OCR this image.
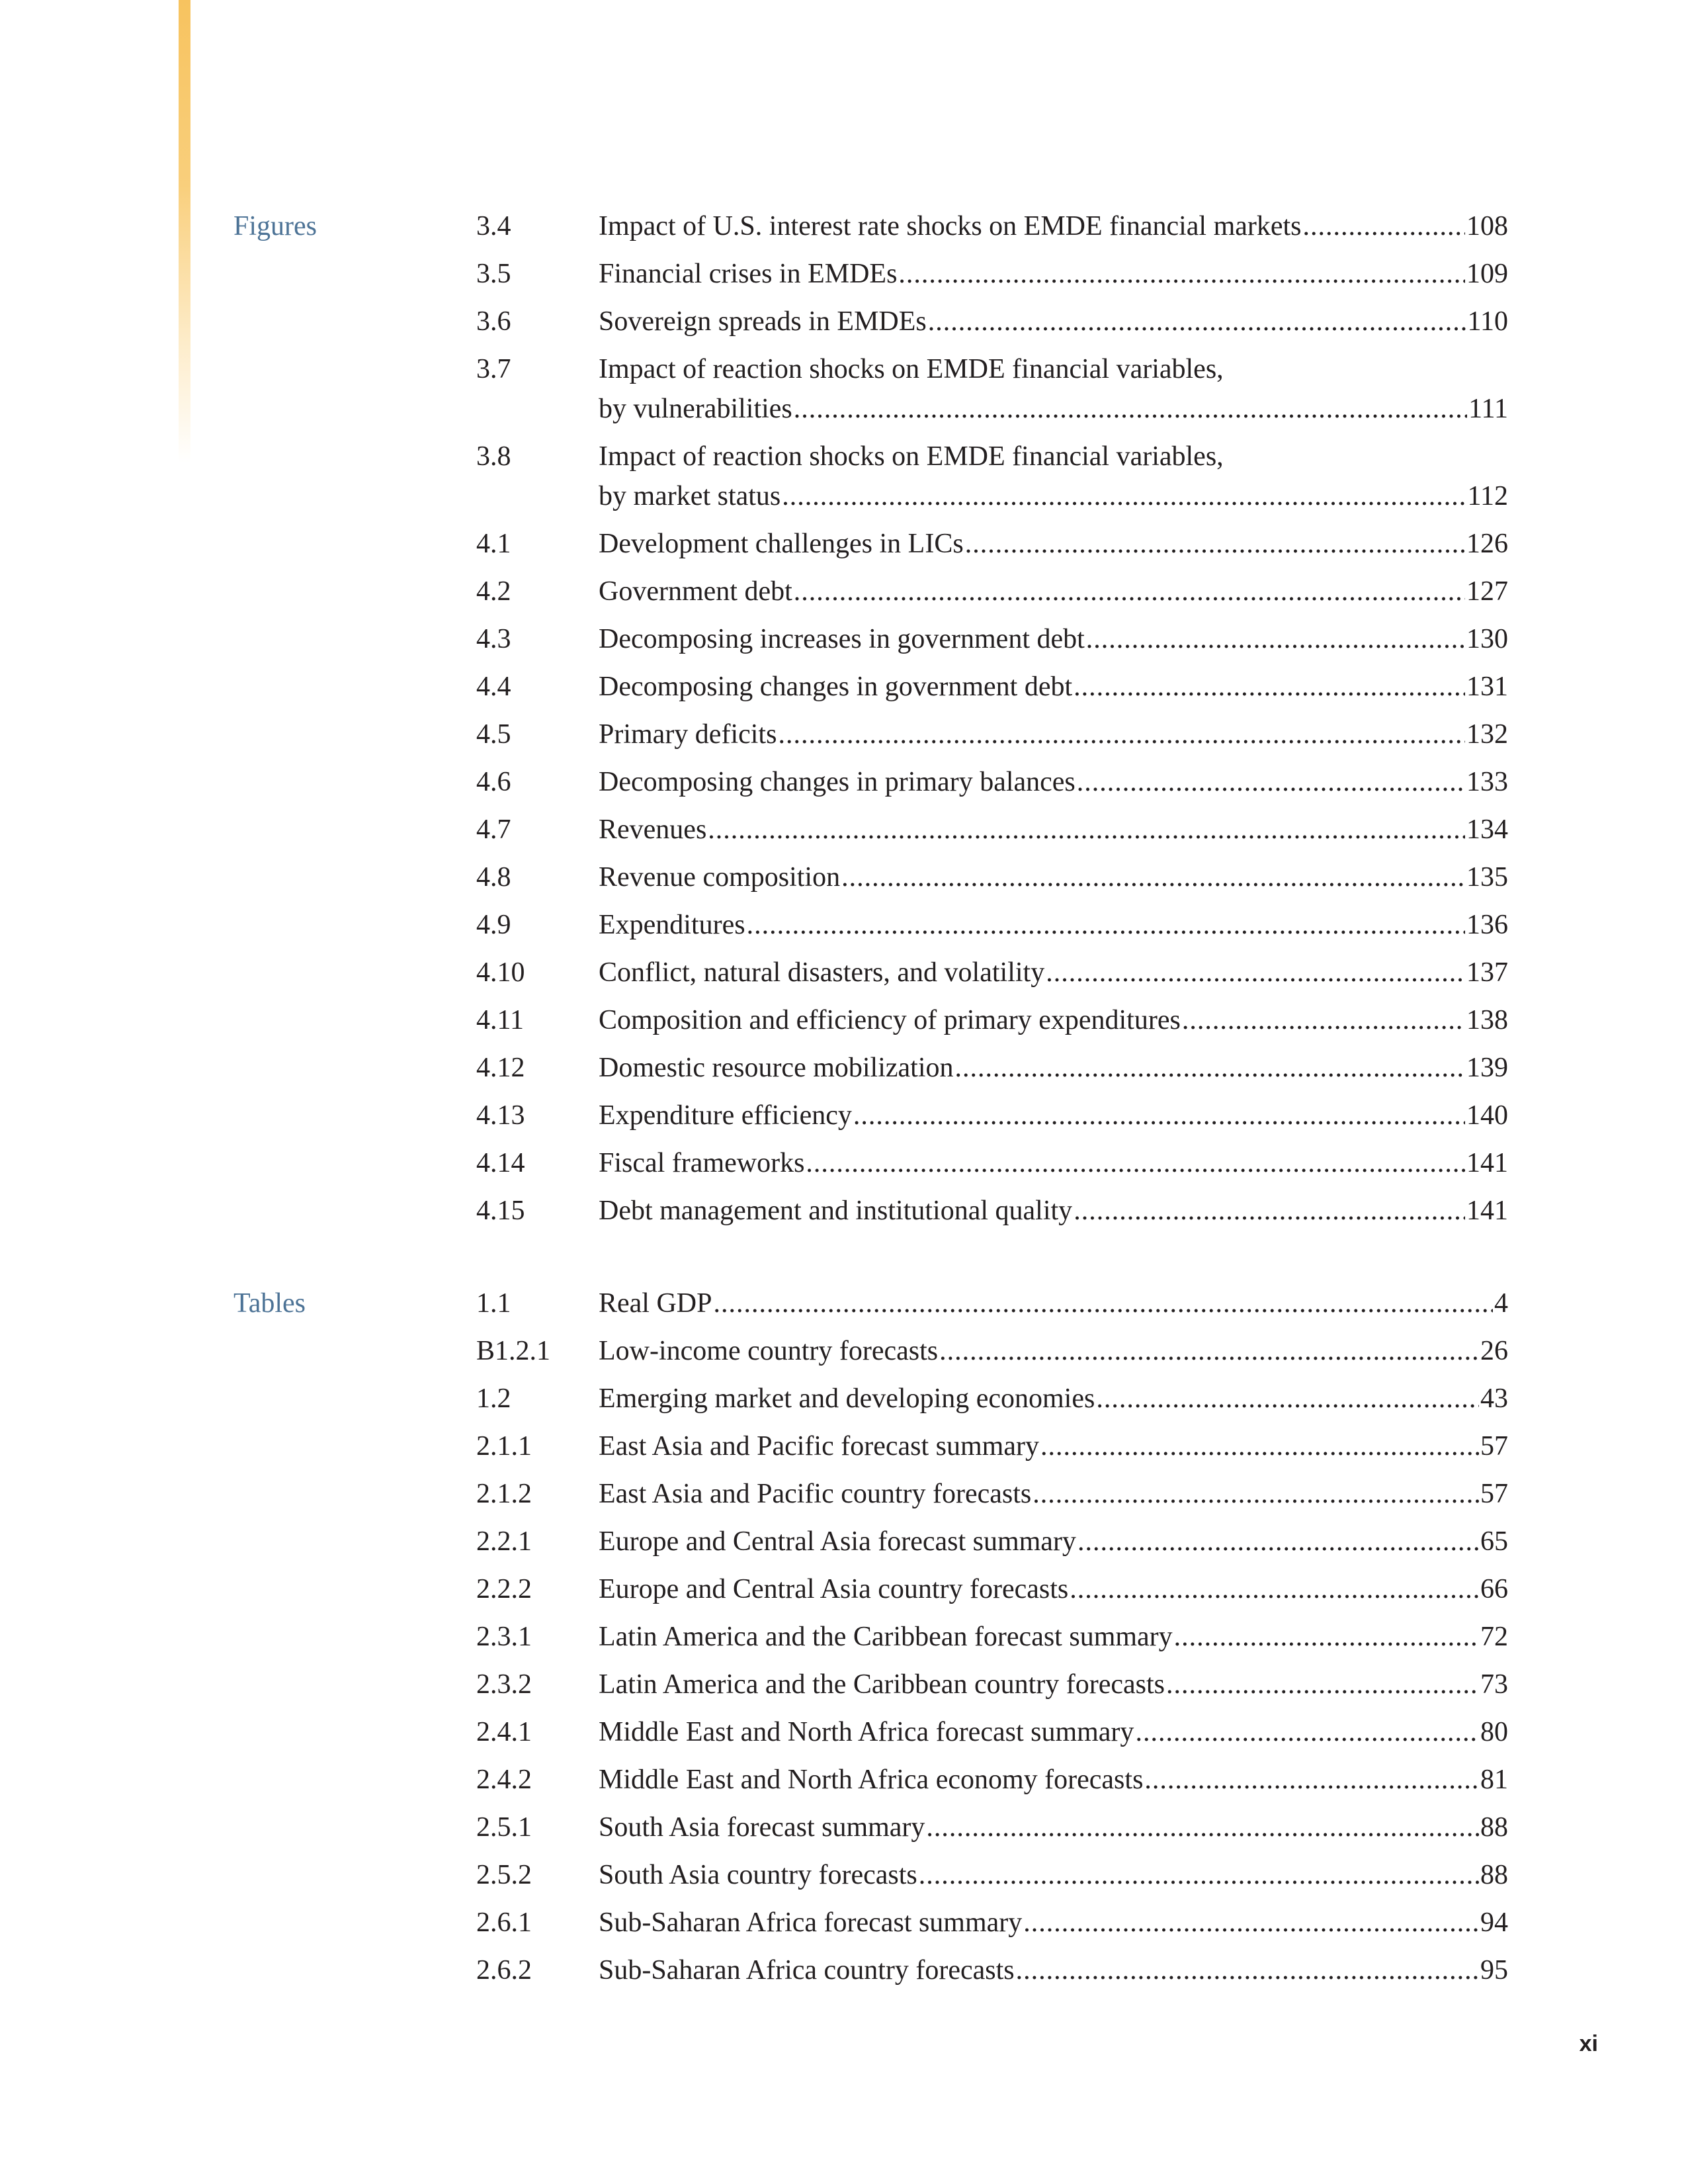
Figures	3.4	Impact of U.S. interest rate shocks on EMDE financial markets .....	108
3.5	Financial crises in EMDEs .....	109
3.6	Sovereign spreads in EMDEs .....	110
3.7	Impact of reaction shocks on EMDE financial variables,
by vulnerabilities .....	111
3.8	Impact of reaction shocks on EMDE financial variables,
by market status .....	112
4.1	Development challenges in LICs .....	126
4.2	Government debt .....	127
4.3	Decomposing increases in government debt .....	130
4.4	Decomposing changes in government debt .....	131
4.5	Primary deficits .....	132
4.6	Decomposing changes in primary balances .....	133
4.7	Revenues .....	134
4.8	Revenue composition .....	135
4.9	Expenditures .....	136
4.10	Conflict, natural disasters, and volatility .....	137
4.11	Composition and efficiency of primary expenditures .....	138
4.12	Domestic resource mobilization .....	139
4.13	Expenditure efficiency .....	140
4.14	Fiscal frameworks .....	141
4.15	Debt management and institutional quality .....	141
Tables	1.1	Real GDP .....	4
B1.2.1 Low-income country forecasts .....	26
1.2	Emerging market and developing economies .....	43
2.1.1 East Asia and Pacific forecast summary .....	57
2.1.2 East Asia and Pacific country forecasts .....	57
2.2.1 Europe and Central Asia forecast summary .....	65
2.2.2 Europe and Central Asia country forecasts .....	66
2.3.1 Latin America and the Caribbean forecast summary .....	72
2.3.2 Latin America and the Caribbean country forecasts .....	73
2.4.1 Middle East and North Africa forecast summary .....	80
2.4.2 Middle East and North Africa economy forecasts .....	81
2.5.1 South Asia forecast summary .....	88
2.5.2 South Asia country forecasts .....	88
2.6.1 Sub-Saharan Africa forecast summary .....	94
2.6.2 Sub-Saharan Africa country forecasts .....	95
xi
